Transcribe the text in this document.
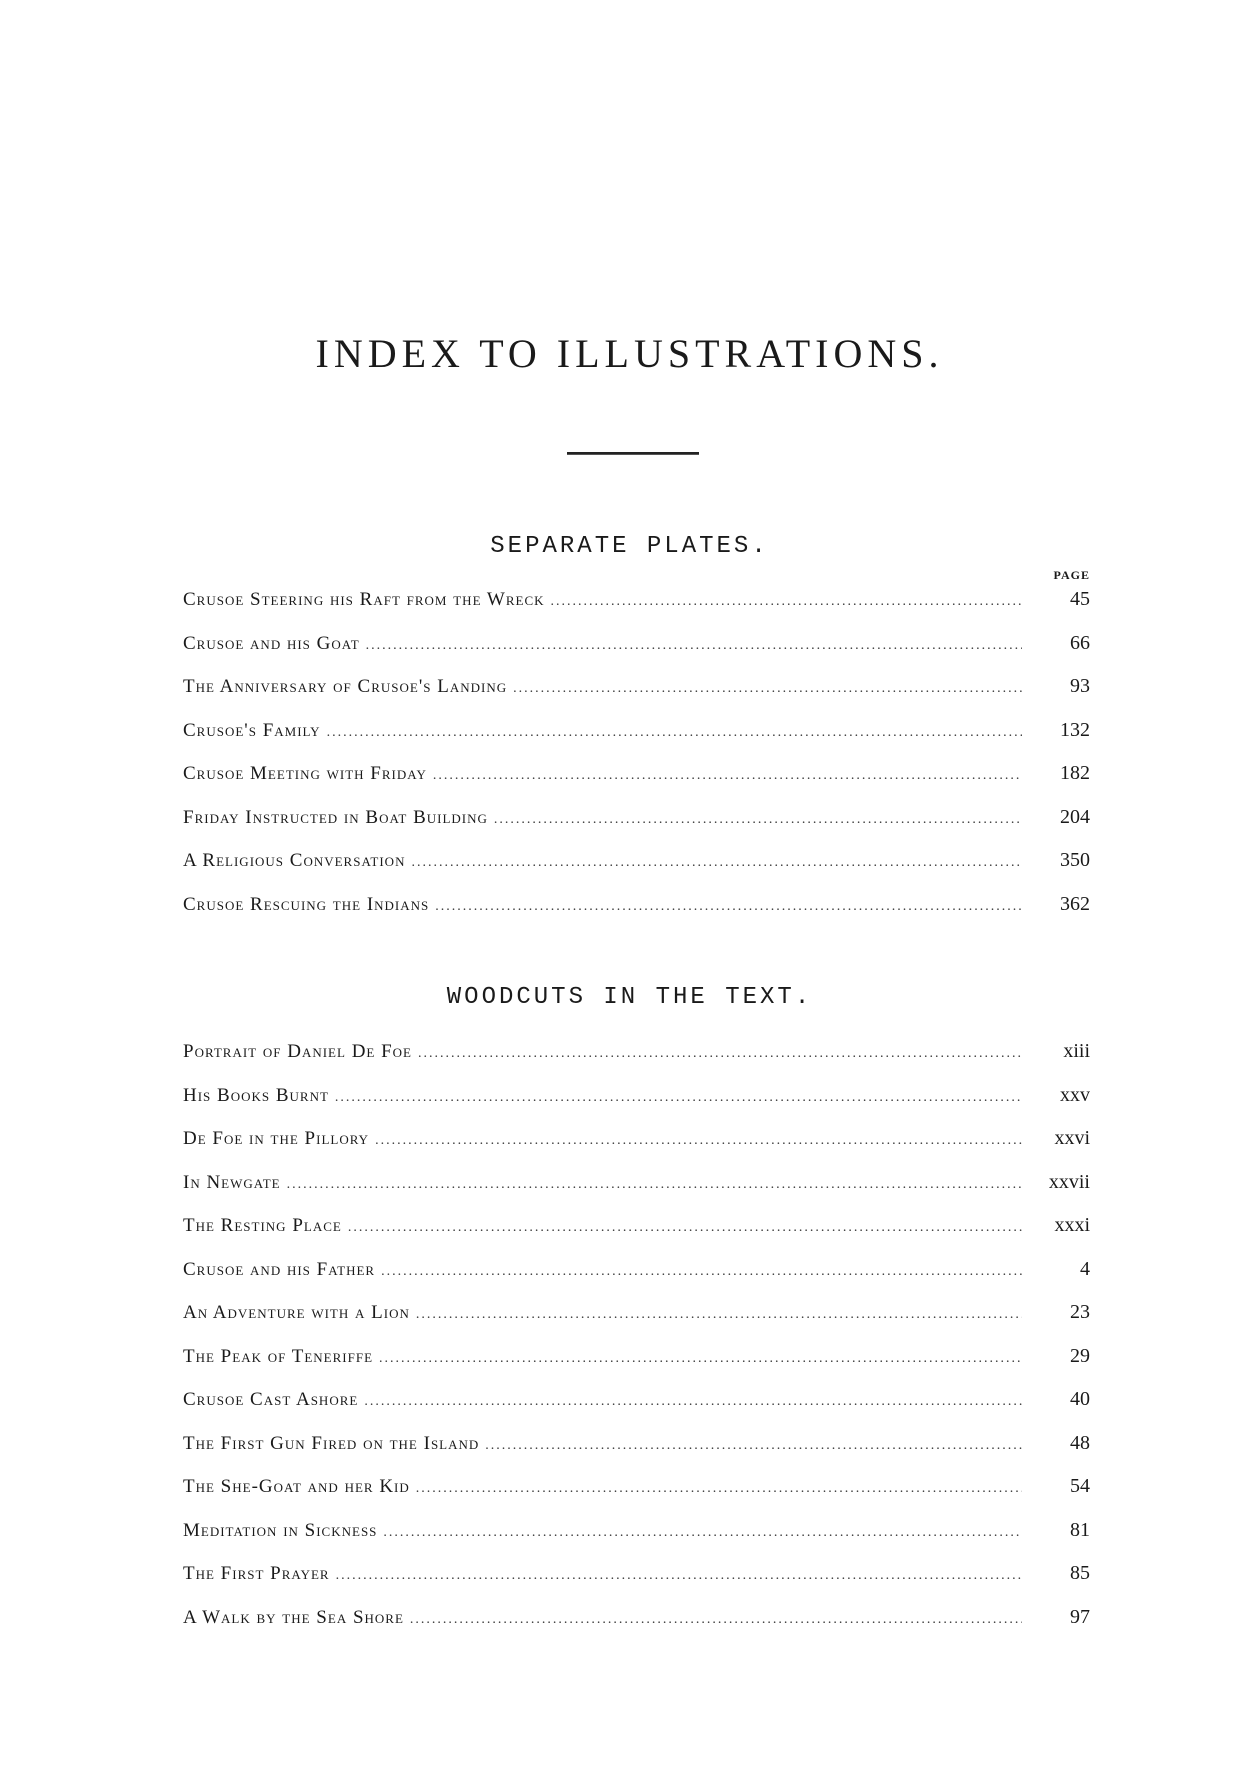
INDEX TO ILLUSTRATIONS.
SEPARATE PLATES.
PAGE
Crusoe Steering his Raft from the Wreck .....	45
Crusoe and his Goat .....	66
The Anniversary of Crusoe's Landing .....	93
Crusoe's Family .....	132
Crusoe Meeting with Friday .....	182
Friday Instructed in Boat Building .....	204
A Religious Conversation .....	350
Crusoe Rescuing the Indians .....	362
WOODCUTS IN THE TEXT.
Portrait of Daniel De Foe .....	xiii
His Books Burnt .....	xxv
De Foe in the Pillory .....	xxvi
In Newgate .....	xxvii
The Resting Place .....	xxxi
Crusoe and his Father .....	4
An Adventure with a Lion .....	23
The Peak of Teneriffe .....	29
Crusoe Cast Ashore .....	40
The First Gun Fired on the Island .....	48
The She-Goat and her Kid .....	54
Meditation in Sickness .....	81
The First Prayer .....	85
A Walk by the Sea Shore .....	97
